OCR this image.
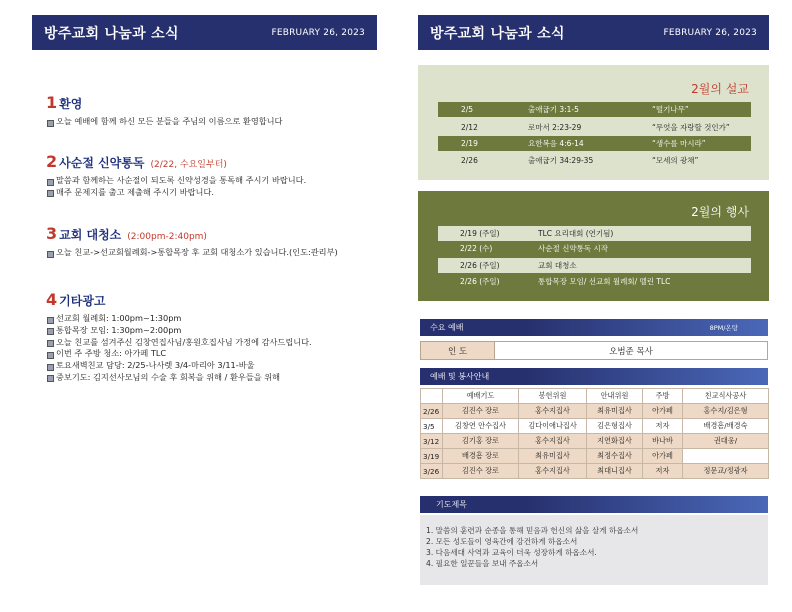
방주교회 나눔과 소식	FEBRUARY 26, 2023	방주교회 나눔과 소식	FEBRUARY 26, 2023
1 환영
오늘 예배에 함께 하신 모든 분들을 주님의 이름으로 환영합니다
2 사순절 신약통독 (2/22, 수요일부터)
말씀과 함께하는 사순절이 되도록 신약성경을 통독해 주시기 바랍니다.
매주 문제지를 출고 제출해 주시기 바랍니다.
3 교회 대청소 (2:00pm-2:40pm)
오늘 친교->선교회월례회->통합목장 후 교회 대청소가 있습니다.(인도:관리부)
4 기타광고
선교회 월례회: 1:00pm~1:30pm
통합목장 모임: 1:30pm~2:00pm
오늘 친교를 섬겨주신 김창연집사님/홍원호집사님 가정에 감사드립니다.
이번 주 주방 청소: 아가페 TLC
토요새벽친교 담당: 2/25-나사렛 3/4-마리아 3/11-바울
중보기도: 김지선사모님의 수술 후 회복을 위해 / 환우들을 위해
2월의 설교
2/5	출애굽기 3:1-5	“떨기나무”
2/12	로마서 2:23-29	“무엇을 자랑할 것인가”
2/19	요한복음 4:6-14	“생수를 마시라”
2/26	출애굽기 34:29-35	“모세의 광채”
2월의 행사
2/19 (주일)	TLC 요리대회 (연기됨)
2/22 (수)	사순절 신약통독 시작
2/26 (주일)	교회 대청소
2/26 (주일)	통합목장 모임/ 선교회 월례회/ 멜린 TLC
수요 예배	8PM/온탕
인 도	오범준 목사
예배 및 봉사안내
	예배기도	봉헌위원	안내위원	주방	친교식사공사
2/26	김진수 장로	홍수지집사	최유미집사	아가페	홍수지/김은형
3/5	김창연 안수집사	김다이애나집사	김은형집사	저자	배경흠/배경숙
3/12	김기홍 장로	홍수지집사	지연화집사	바나바	권대웅/
3/19	배경흠 장로	최유미집사	최정수집사	아가페	
3/26	김진수 장로	홍수지집사	최대니집사	저자	정문교/정광자
기도제목
1. 말씀의 훈련과 순종을 통해 믿음과 헌신의 삶을 살게 하옵소서
2. 모든 성도들이 영육간에 강건하게 하옵소서
3. 다음세대 사역과 교육이 더욱 성장하게 하옵소서.
4. 필요한 일꾼들을 보내 주옵소서
